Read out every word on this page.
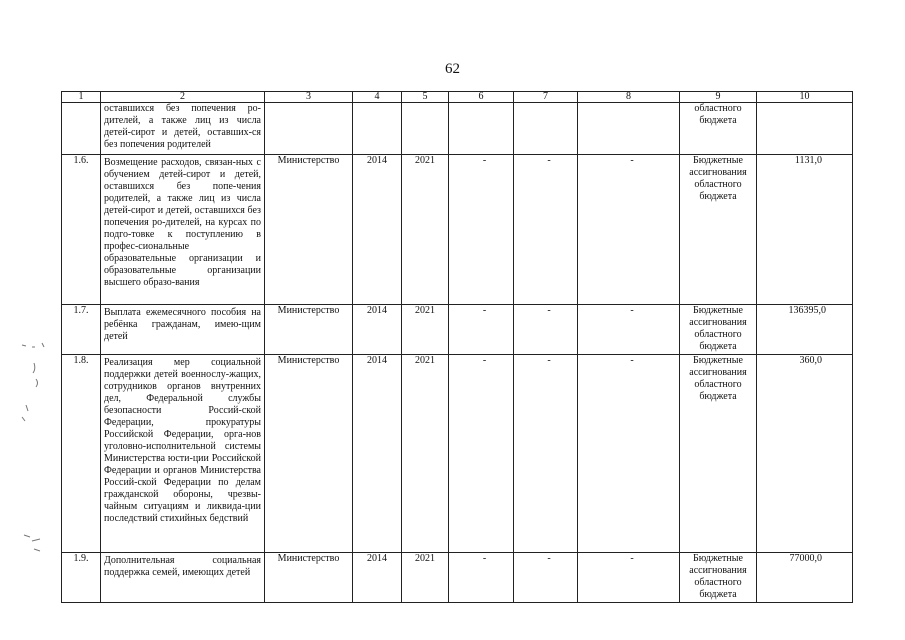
62
1	2	3	4	5	6	7	8	9	10
	оставшихся без попечения ро-дителей, а также лиц из числа детей-сирот и детей, оставших-ся без попечения родителей							областного бюджета	
1.6.	Возмещение расходов, связан-ных с обучением детей-сирот и детей, оставшихся без попе-чения родителей, а также лиц из числа детей-сирот и детей, оставшихся без попечения ро-дителей, на курсах по подго-товке к поступлению в профес-сиональные образовательные организации и образовательные организации высшего образо-вания	Министерство	2014	2021	-	-	-	Бюджетные ассигнования областного бюджета	1131,0
1.7.	Выплата ежемесячного пособия на ребёнка гражданам, имею-щим детей	Министерство	2014	2021	-	-	-	Бюджетные ассигнования областного бюджета	136395,0
1.8.	Реализация мер социальной поддержки детей военнослу-жащих, сотрудников органов внутренних дел, Федеральной службы безопасности Россий-ской Федерации, прокуратуры Российской Федерации, орга-нов уголовно-исполнительной системы Министерства юсти-ции Российской Федерации и органов Министерства Россий-ской Федерации по делам гражданской обороны, чрезвы-чайным ситуациям и ликвида-ции последствий стихийных бедствий	Министерство	2014	2021	-	-	-	Бюджетные ассигнования областного бюджета	360,0
1.9.	Дополнительная социальная поддержка семей, имеющих детей	Министерство	2014	2021	-	-	-	Бюджетные ассигнования областного бюджета	77000,0
